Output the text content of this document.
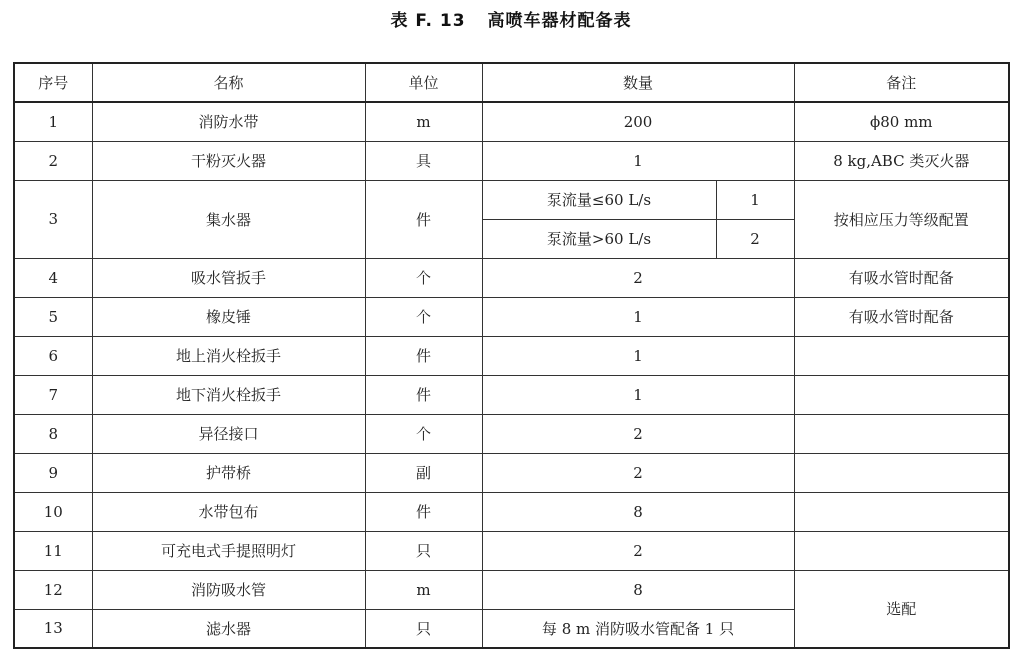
表 F. 13 高喷车器材配备表
序号	名称	单位	数量		备注
1	消防水带	m	200		ϕ80 mm
2	干粉灭火器	具	1		8 kg,ABC 类灭火器
3	集水器	件	泵流量≤60 L/s	1	按相应压力等级配置
			泵流量>60 L/s	2	
4	吸水管扳手	个	2		有吸水管时配备
5	橡皮锤	个	1		有吸水管时配备
6	地上消火栓扳手	件	1		
7	地下消火栓扳手	件	1		
8	异径接口	个	2		
9	护带桥	副	2		
10	水带包布	件	8		
11	可充电式手提照明灯	只	2		
12	消防吸水管	m	8		选配
13	滤水器	只	每 8 m 消防吸水管配备 1 只		
